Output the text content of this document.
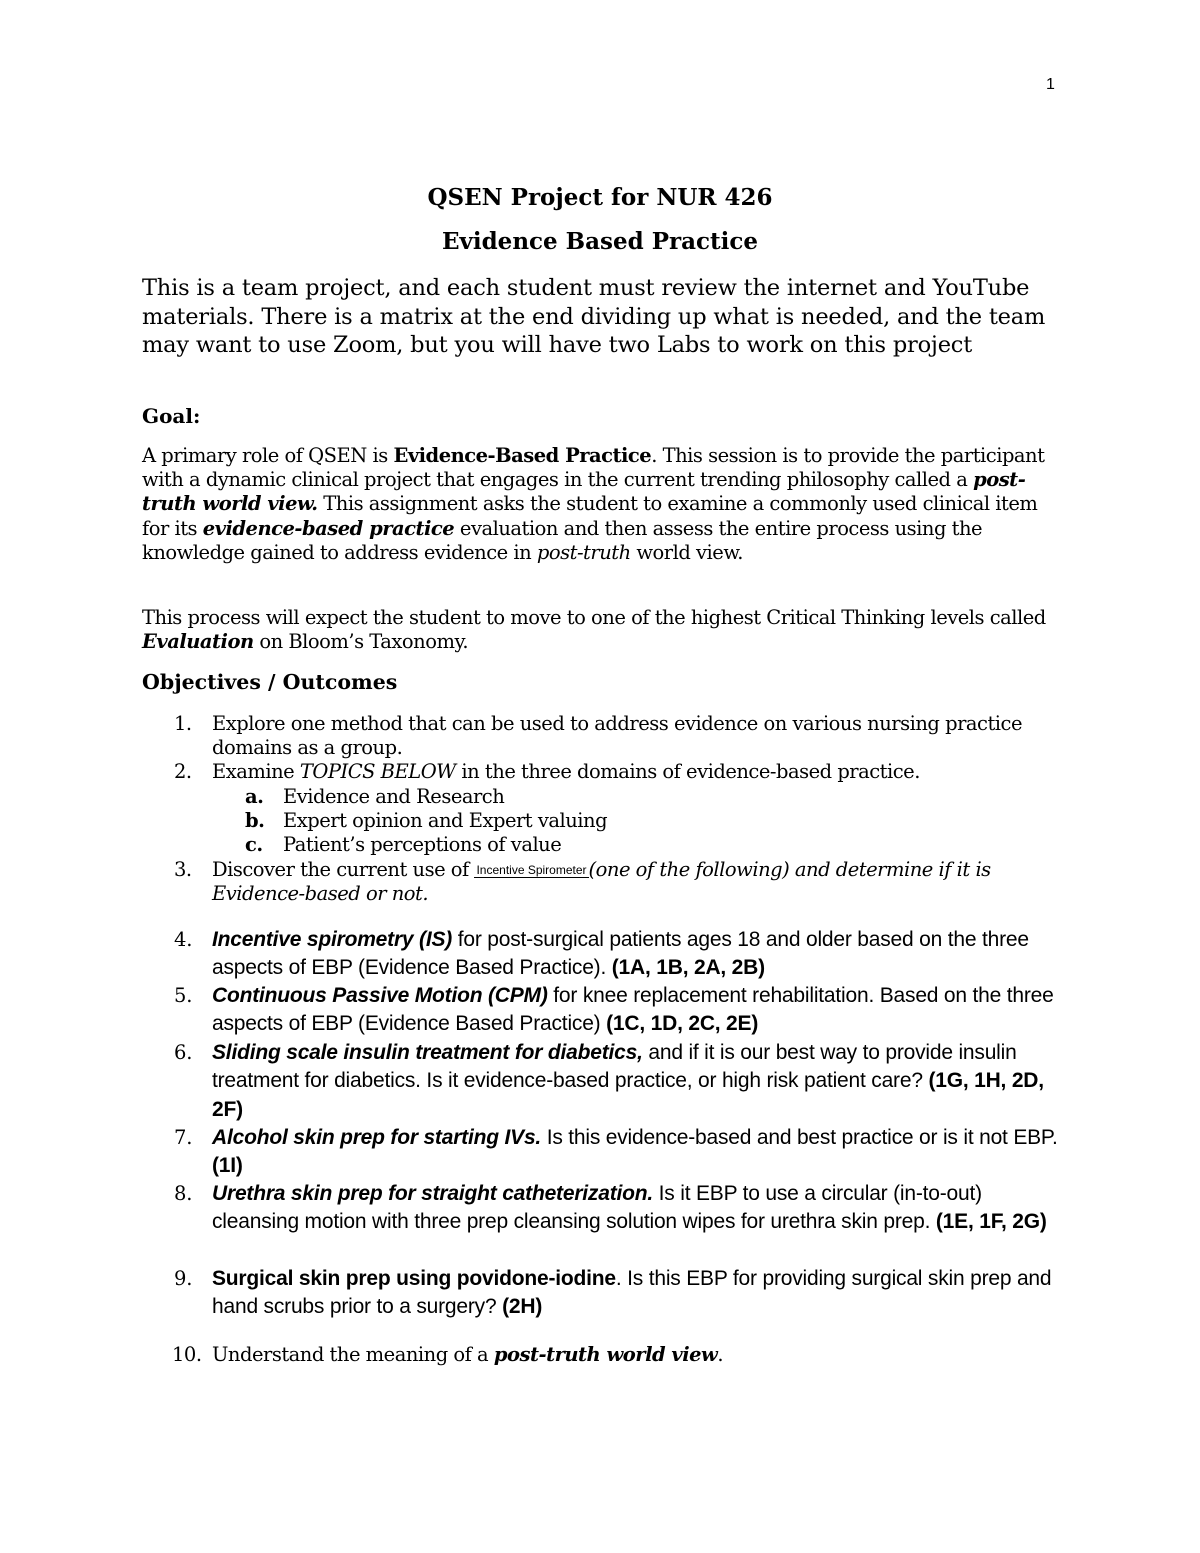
1
QSEN Project for NUR 426
Evidence Based Practice
This is a team project, and each student must review the internet and YouTube materials. There is a matrix at the end dividing up what is needed, and the team may want to use Zoom, but you will have two Labs to work on this project
Goal:
A primary role of QSEN is Evidence-Based Practice. This session is to provide the participant with a dynamic clinical project that engages in the current trending philosophy called a post-truth world view. This assignment asks the student to examine a commonly used clinical item for its evidence-based practice evaluation and then assess the entire process using the knowledge gained to address evidence in post-truth world view.
This process will expect the student to move to one of the highest Critical Thinking levels called Evaluation on Bloom’s Taxonomy.
Objectives / Outcomes
1.	Explore one method that can be used to address evidence on various nursing practice domains as a group.
2.	Examine TOPICS BELOW in the three domains of evidence-based practice.
a. Evidence and Research
b. Expert opinion and Expert valuing
c. Patient’s perceptions of value
3.	Discover the current use of Incentive Spirometer (one of the following) and determine if it is Evidence-based or not.
4. Incentive spirometry (IS) for post-surgical patients ages 18 and older based on the three aspects of EBP (Evidence Based Practice). (1A, 1B, 2A, 2B)
5. Continuous Passive Motion (CPM) for knee replacement rehabilitation. Based on the three aspects of EBP (Evidence Based Practice) (1C, 1D, 2C, 2E)
6. Sliding scale insulin treatment for diabetics, and if it is our best way to provide insulin treatment for diabetics. Is it evidence-based practice, or high risk patient care? (1G, 1H, 2D, 2F)
7. Alcohol skin prep for starting IVs. Is this evidence-based and best practice or is it not EBP. (1I)
8. Urethra skin prep for straight catheterization. Is it EBP to use a circular (in-to-out) cleansing motion with three prep cleansing solution wipes for urethra skin prep. (1E, 1F, 2G)
9. Surgical skin prep using povidone-iodine. Is this EBP for providing surgical skin prep and hand scrubs prior to a surgery? (2H)
10. Understand the meaning of a post-truth world view.
